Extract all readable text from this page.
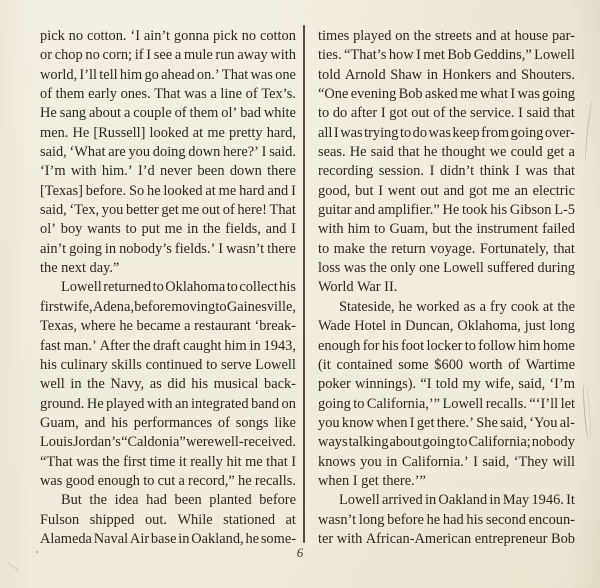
pick no cotton. ‘I ain’t gonna pick no cotton
or chop no corn; if I see a mule run away with
world, I’ll tell him go ahead on.’ That was one
of them early ones. That was a line of Tex’s.
He sang about a couple of them ol’ bad white
men. He [Russell] looked at me pretty hard,
said, ‘What are you doing down here?’ I said.
‘I’m with him.’ I’d never been down there
[Texas] before. So he looked at me hard and I
said, ‘Tex, you better get me out of here! That
ol’ boy wants to put me in the fields, and I
ain’t going in nobody’s fields.’ I wasn’t there
the next day.”
Lowell returned to Oklahoma to collect his
first wife, Adena, before moving to Gainesville,
Texas, where he became a restaurant ‘break-
fast man.’ After the draft caught him in 1943,
his culinary skills continued to serve Lowell
well in the Navy, as did his musical back-
ground. He played with an integrated band on
Guam, and his performances of songs like
Louis Jordan’s “Caldonia” were well-received.
“That was the first time it really hit me that I
was good enough to cut a record,” he recalls.
But the idea had been planted before
Fulson shipped out. While stationed at
Alameda Naval Air base in Oakland, he some-
times played on the streets and at house par-
ties. “That’s how I met Bob Geddins,” Lowell
told Arnold Shaw in Honkers and Shouters.
“One evening Bob asked me what I was going
to do after I got out of the service. I said that
all I was trying to do was keep from going over-
seas. He said that he thought we could get a
recording session. I didn’t think I was that
good, but I went out and got me an electric
guitar and amplifier.” He took his Gibson L-5
with him to Guam, but the instrument failed
to make the return voyage. Fortunately, that
loss was the only one Lowell suffered during
World War II.
Stateside, he worked as a fry cook at the
Wade Hotel in Duncan, Oklahoma, just long
enough for his foot locker to follow him home
(it contained some $600 worth of Wartime
poker winnings). “I told my wife, said, ‘I’m
going to California,’” Lowell recalls. “‘I’ll let
you know when I get there.’ She said, ‘You al-
ways talking about going to California; nobody
knows you in California.’ I said, ‘They will
when I get there.’”
Lowell arrived in Oakland in May 1946. It
wasn’t long before he had his second encoun-
ter with African-American entrepreneur Bob
6
